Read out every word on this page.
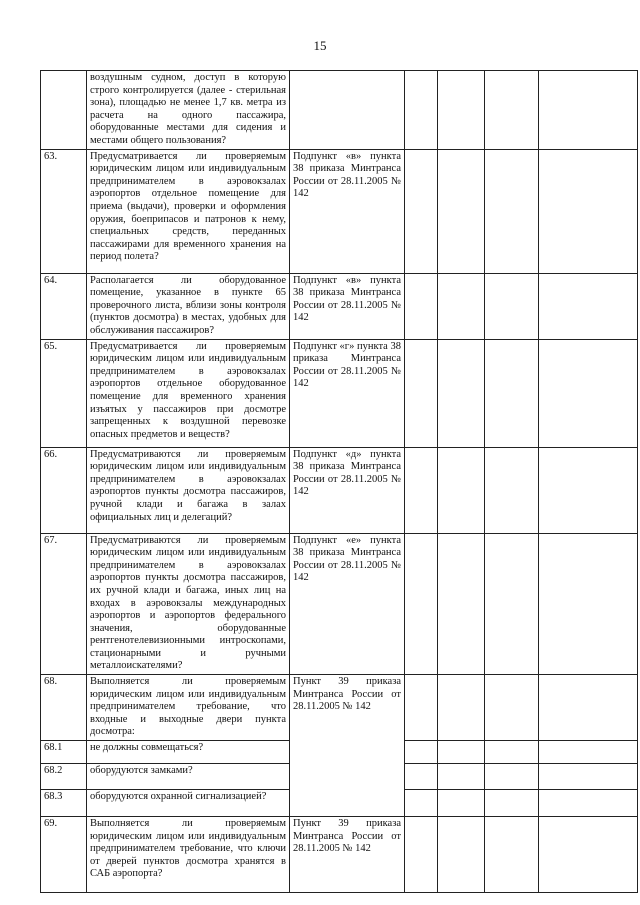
15
	воздушным судном, доступ в которую строго контролируется (далее - стерильная зона), площадью не менее 1,7 кв. метра из расчета на одного пассажира, оборудованные местами для сидения и местами общего пользования?					
63.	Предусматривается ли проверяемым юридическим лицом или индивидуальным предпринимателем в аэровокзалах аэропортов отдельное помещение для приема (выдачи), проверки и оформления оружия, боеприпасов и патронов к нему, специальных средств, переданных пассажирами для временного хранения на период полета?	Подпункт «в» пункта 38 приказа Минтранса России от 28.11.2005 № 142				
64.	Располагается ли оборудованное помещение, указанное в пункте 65 проверочного листа, вблизи зоны контроля (пунктов досмотра) в местах, удобных для обслуживания пассажиров?	Подпункт «в» пункта 38 приказа Минтранса России от 28.11.2005 № 142				
65.	Предусматривается ли проверяемым юридическим лицом или индивидуальным предпринимателем в аэровокзалах аэропортов отдельное оборудованное помещение для временного хранения изъятых у пассажиров при досмотре запрещенных к воздушной перевозке опасных предметов и веществ?	Подпункт «г» пункта 38 приказа Минтранса России от 28.11.2005 № 142				
66.	Предусматриваются ли проверяемым юридическим лицом или индивидуальным предпринимателем в аэровокзалах аэропортов пункты досмотра пассажиров, ручной клади и багажа в залах официальных лиц и делегаций?	Подпункт «д» пункта 38 приказа Минтранса России от 28.11.2005 № 142				
67.	Предусматриваются ли проверяемым юридическим лицом или индивидуальным предпринимателем в аэровокзалах аэропортов пункты досмотра пассажиров, их ручной клади и багажа, иных лиц на входах в аэровокзалы международных аэропортов и аэропортов федерального значения, оборудованные рентгенотелевизионными интроскопами, стационарными и ручными металлоискателями?	Подпункт «е» пункта 38 приказа Минтранса России от 28.11.2005 № 142				
68.	Выполняется ли проверяемым юридическим лицом или индивидуальным предпринимателем требование, что входные и выходные двери пункта досмотра:	Пункт 39 приказа Минтранса России от 28.11.2005 № 142				
68.1	не должны совмещаться?					
68.2	оборудуются замками?					
68.3	оборудуются охранной сигнализацией?					
69.	Выполняется ли проверяемым юридическим лицом или индивидуальным предпринимателем требование, что ключи от дверей пунктов досмотра хранятся в САБ аэропорта?	Пункт 39 приказа Минтранса России от 28.11.2005 № 142				
